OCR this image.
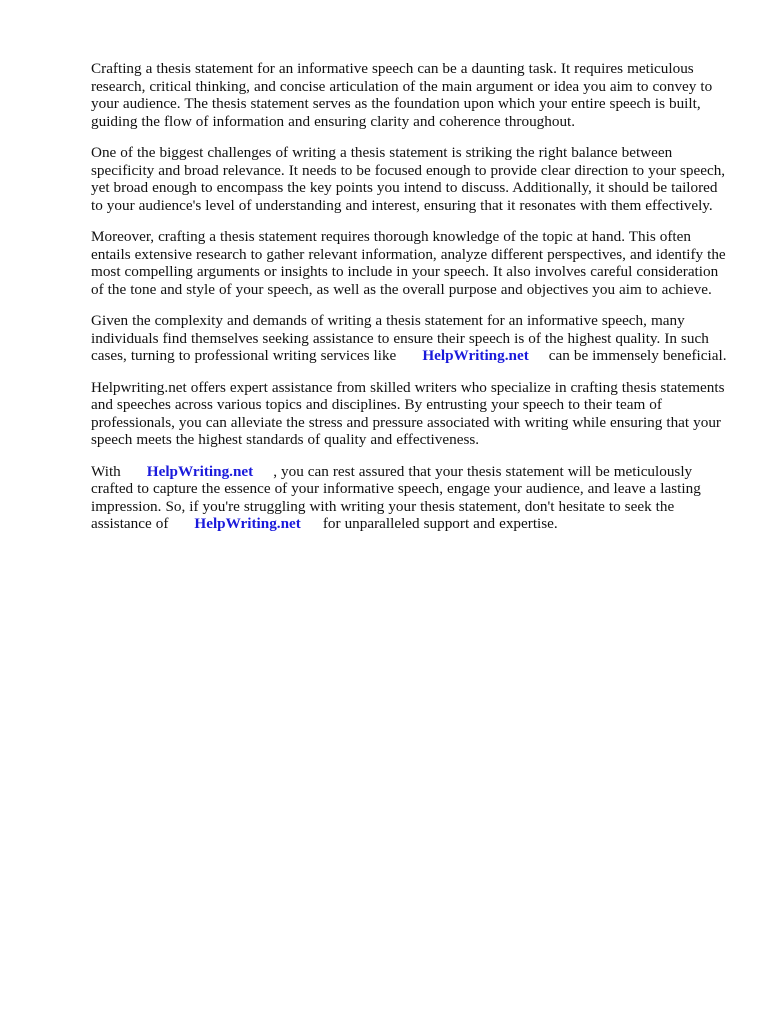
Crafting a thesis statement for an informative speech can be a daunting task. It requires meticulous research, critical thinking, and concise articulation of the main argument or idea you aim to convey to your audience. The thesis statement serves as the foundation upon which your entire speech is built, guiding the flow of information and ensuring clarity and coherence throughout.

One of the biggest challenges of writing a thesis statement is striking the right balance between specificity and broad relevance. It needs to be focused enough to provide clear direction to your speech, yet broad enough to encompass the key points you intend to discuss. Additionally, it should be tailored to your audience's level of understanding and interest, ensuring that it resonates with them effectively.

Moreover, crafting a thesis statement requires thorough knowledge of the topic at hand. This often entails extensive research to gather relevant information, analyze different perspectives, and identify the most compelling arguments or insights to include in your speech. It also involves careful consideration of the tone and style of your speech, as well as the overall purpose and objectives you aim to achieve.

Given the complexity and demands of writing a thesis statement for an informative speech, many individuals find themselves seeking assistance to ensure their speech is of the highest quality. In such cases, turning to professional writing services like HelpWriting.net can be immensely beneficial.

Helpwriting.net offers expert assistance from skilled writers who specialize in crafting thesis statements and speeches across various topics and disciplines. By entrusting your speech to their team of professionals, you can alleviate the stress and pressure associated with writing while ensuring that your speech meets the highest standards of quality and effectiveness.

With HelpWriting.net , you can rest assured that your thesis statement will be meticulously crafted to capture the essence of your informative speech, engage your audience, and leave a lasting impression. So, if you're struggling with writing your thesis statement, don't hesitate to seek the assistance of HelpWriting.net for unparalleled support and expertise.
